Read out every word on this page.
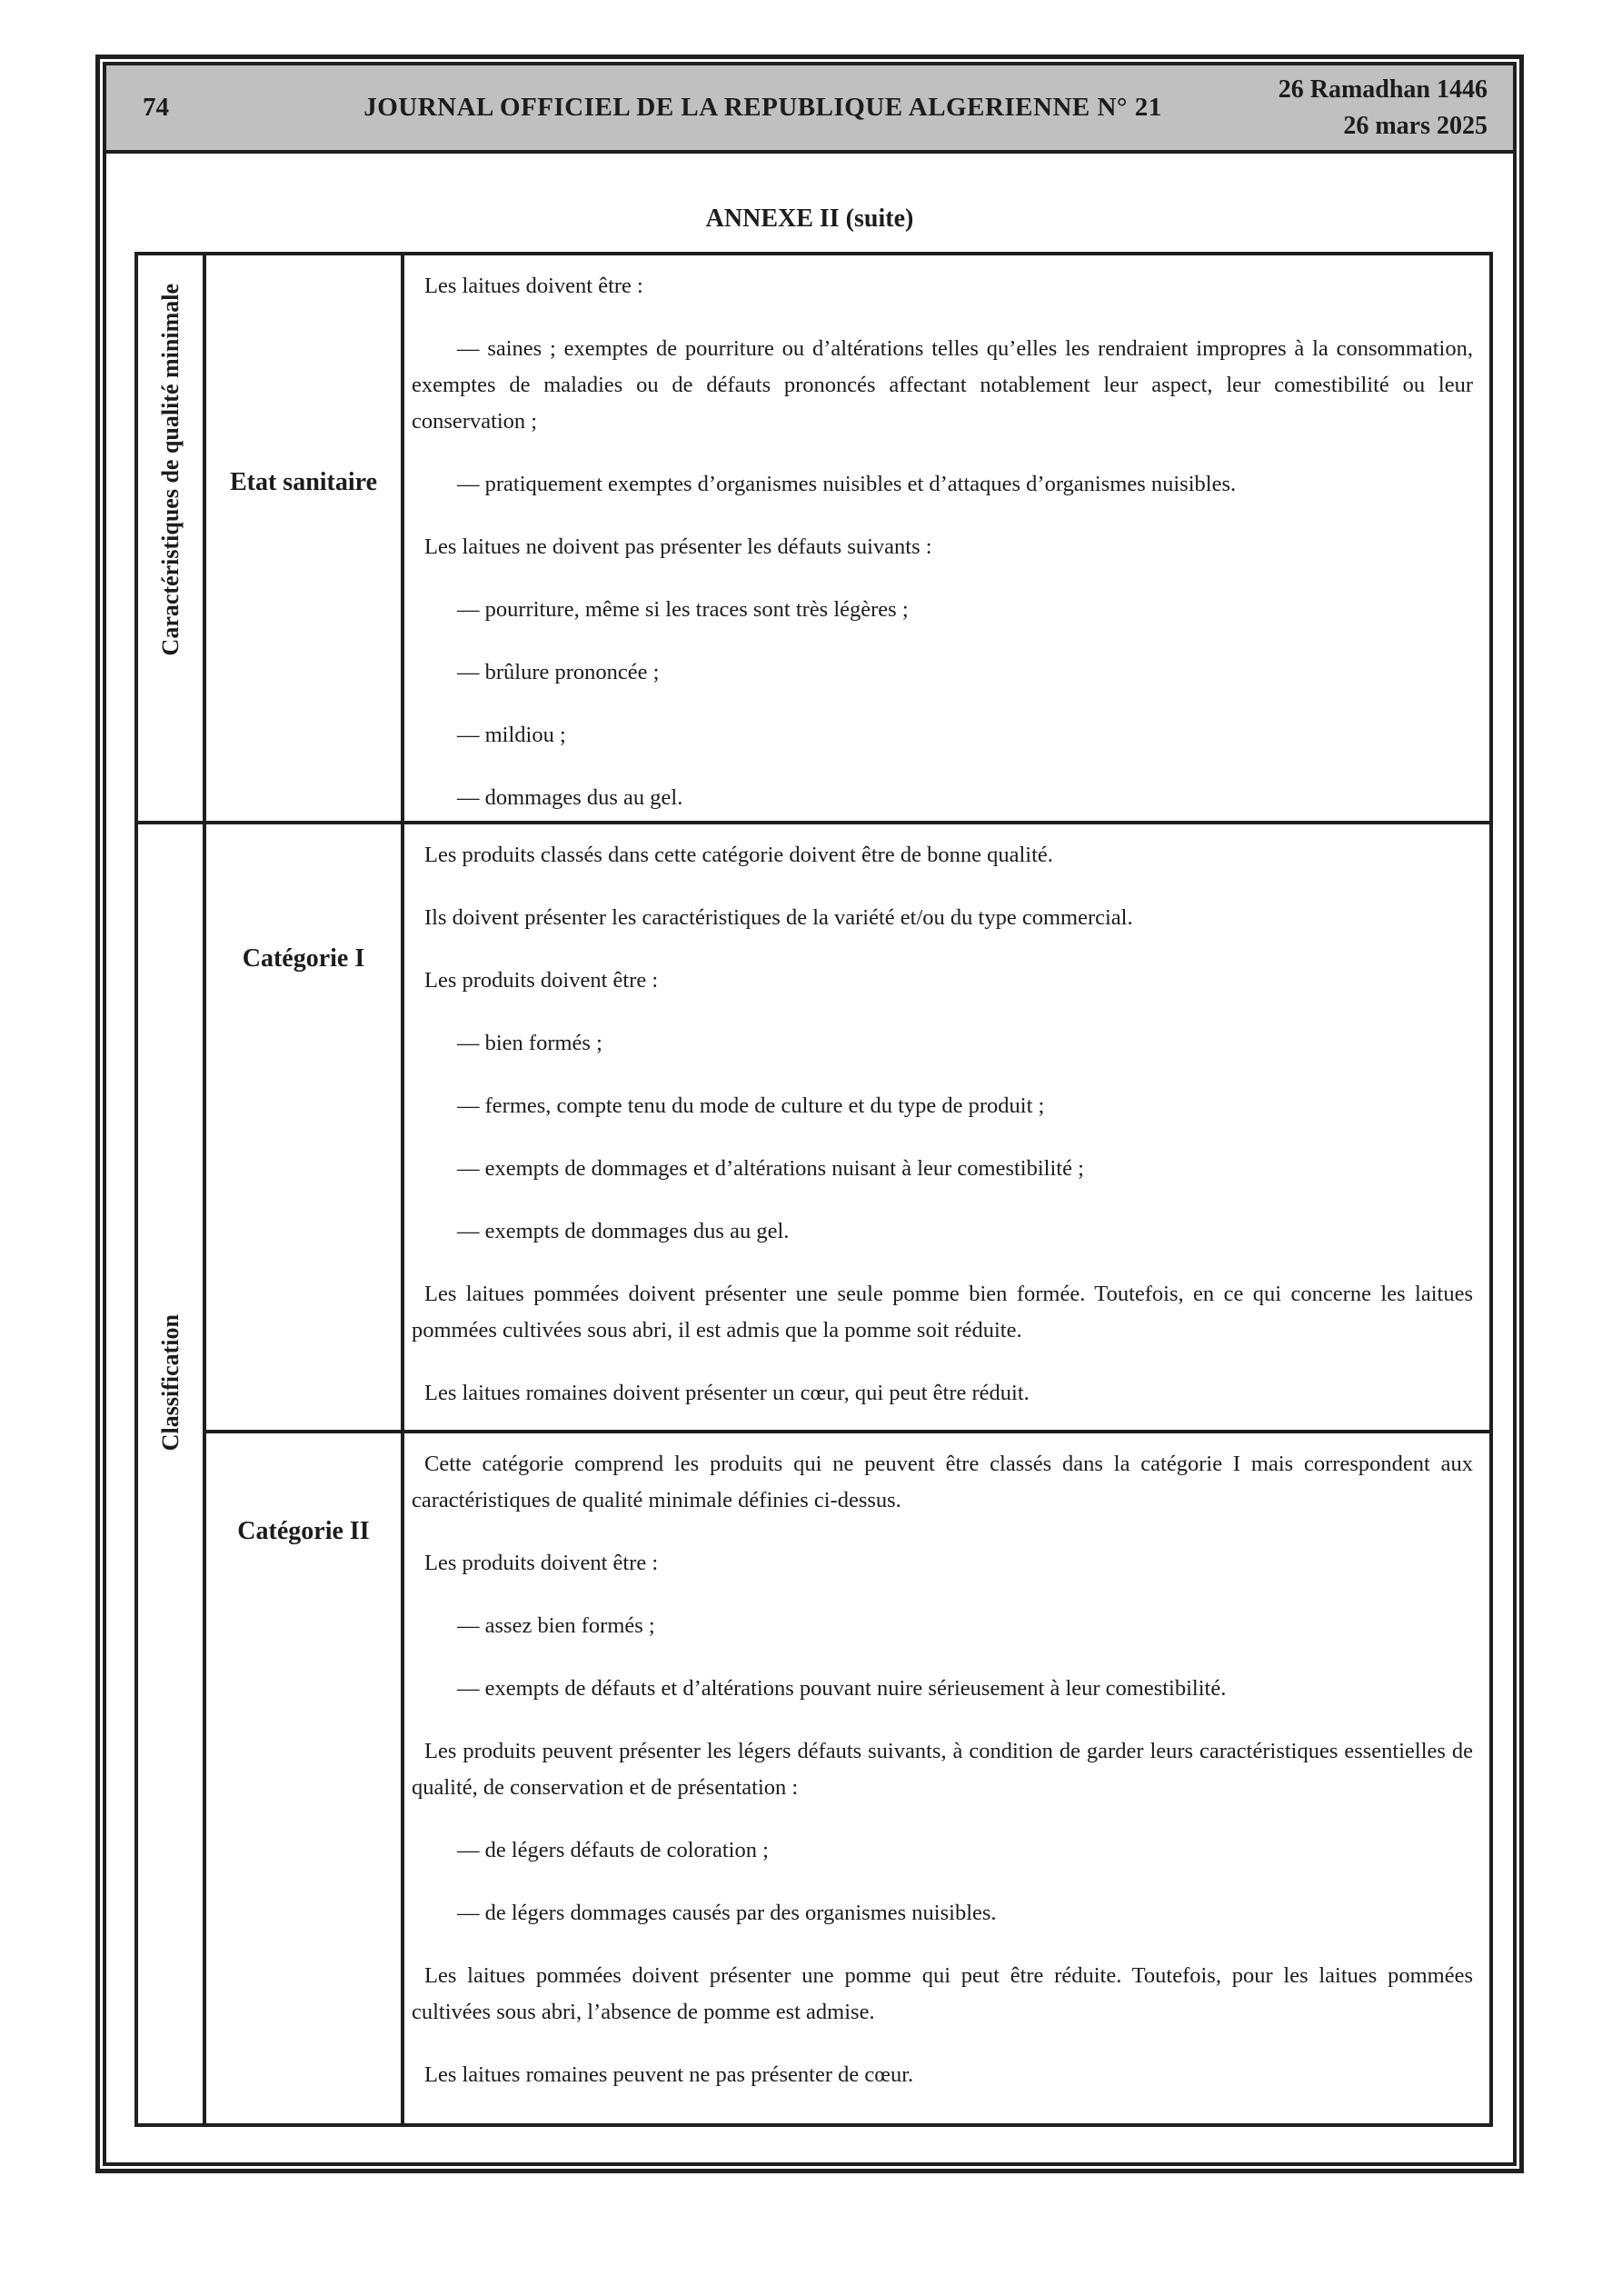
74	JOURNAL OFFICIEL DE LA REPUBLIQUE ALGERIENNE N° 21
26 Ramadhan 1446
26 mars 2025
ANNEXE II (suite)
Caractéristiques de qualité minimale Etat sanitaire

Les laitues doivent être :

— saines ; exemptes de pourriture ou d’altérations telles qu’elles les rendraient impropres à la consommation, exemptes de maladies ou de défauts prononcés affectant notablement leur aspect, leur comestibilité ou leur conservation ;

— pratiquement exemptes d’organismes nuisibles et d’attaques d’organismes nuisibles.

Les laitues ne doivent pas présenter les défauts suivants :

— pourriture, même si les traces sont très légères ;

— brûlure prononcée ;

— mildiou ;

— dommages dus au gel.

Classification
Catégorie I

Les produits classés dans cette catégorie doivent être de bonne qualité.

Ils doivent présenter les caractéristiques de la variété et/ou du type commercial.

Les produits doivent être :

— bien formés ;

— fermes, compte tenu du mode de culture et du type de produit ;

— exempts de dommages et d’altérations nuisant à leur comestibilité ;

— exempts de dommages dus au gel.

Les laitues pommées doivent présenter une seule pomme bien formée. Toutefois, en ce qui concerne les laitues pommées cultivées sous abri, il est admis que la pomme soit réduite.

Les laitues romaines doivent présenter un cœur, qui peut être réduit.

Catégorie II

Cette catégorie comprend les produits qui ne peuvent être classés dans la catégorie I mais correspondent aux caractéristiques de qualité minimale définies ci-dessus.

Les produits doivent être :

— assez bien formés ;

— exempts de défauts et d’altérations pouvant nuire sérieusement à leur comestibilité.

Les produits peuvent présenter les légers défauts suivants, à condition de garder leurs caractéristiques essentielles de qualité, de conservation et de présentation :

— de légers défauts de coloration ;

— de légers dommages causés par des organismes nuisibles.

Les laitues pommées doivent présenter une pomme qui peut être réduite. Toutefois, pour les laitues pommées cultivées sous abri, l’absence de pomme est admise.

Les laitues romaines peuvent ne pas présenter de cœur.
